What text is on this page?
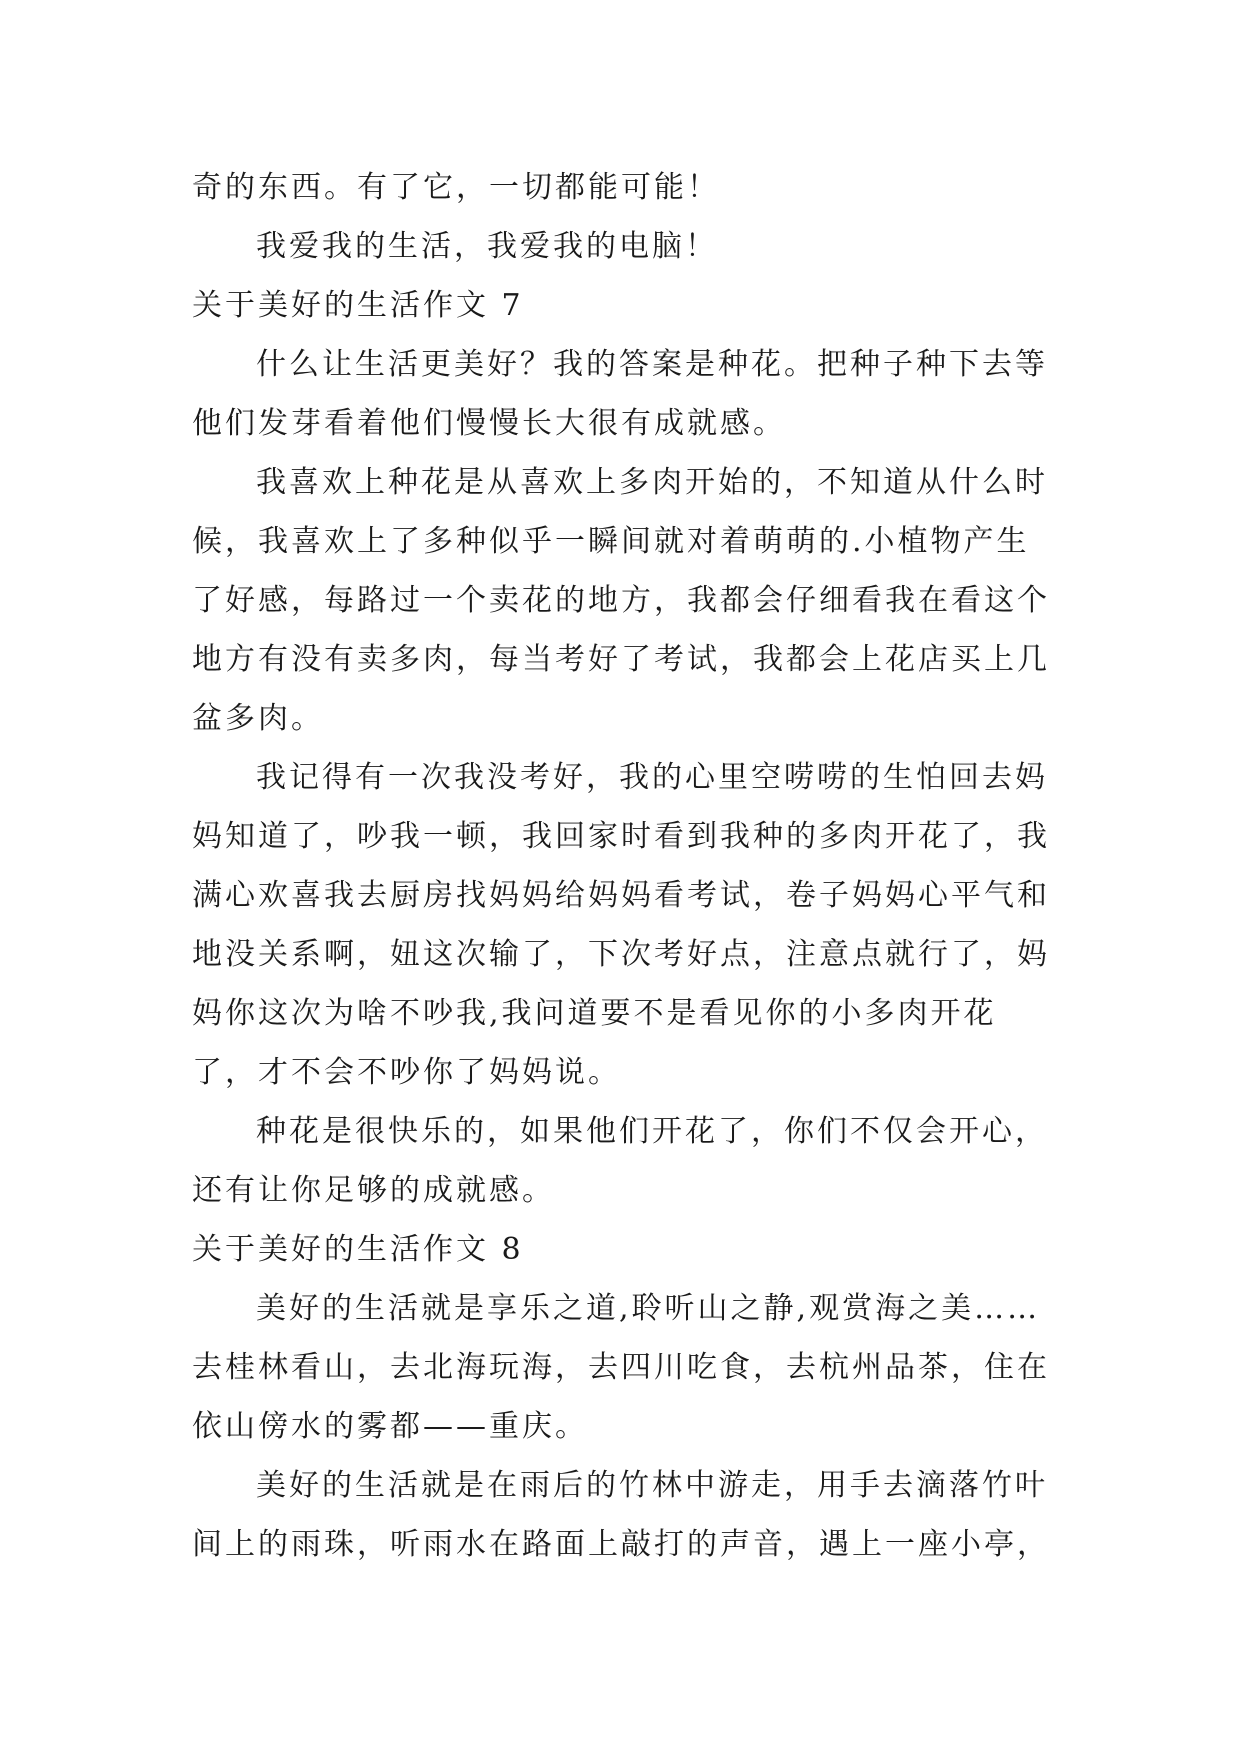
奇的东西。有了它，一切都能可能！

我爱我的生活，我爱我的电脑！

关于美好的生活作文 7

什么让生活更美好？我的答案是种花。把种子种下去等他们发芽看着他们慢慢长大很有成就感。

我喜欢上种花是从喜欢上多肉开始的，不知道从什么时候，我喜欢上了多种似乎一瞬间就对着萌萌的.小植物产生了好感，每路过一个卖花的地方，我都会仔细看我在看这个地方有没有卖多肉，每当考好了考试，我都会上花店买上几盆多肉。

我记得有一次我没考好，我的心里空唠唠的生怕回去妈妈知道了，吵我一顿，我回家时看到我种的多肉开花了，我满心欢喜我去厨房找妈妈给妈妈看考试，卷子妈妈心平气和地没关系啊，妞这次输了，下次考好点，注意点就行了，妈妈你这次为啥不吵我,我问道要不是看见你的小多肉开花了，才不会不吵你了妈妈说。

种花是很快乐的，如果他们开花了，你们不仅会开心，还有让你足够的成就感。

关于美好的生活作文 8

美好的生活就是享乐之道,聆听山之静,观赏海之美……去桂林看山，去北海玩海，去四川吃食，去杭州品茶，住在依山傍水的雾都——重庆。

美好的生活就是在雨后的竹林中游走，用手去滴落竹叶间上的雨珠，听雨水在路面上敲打的声音，遇上一座小亭，
